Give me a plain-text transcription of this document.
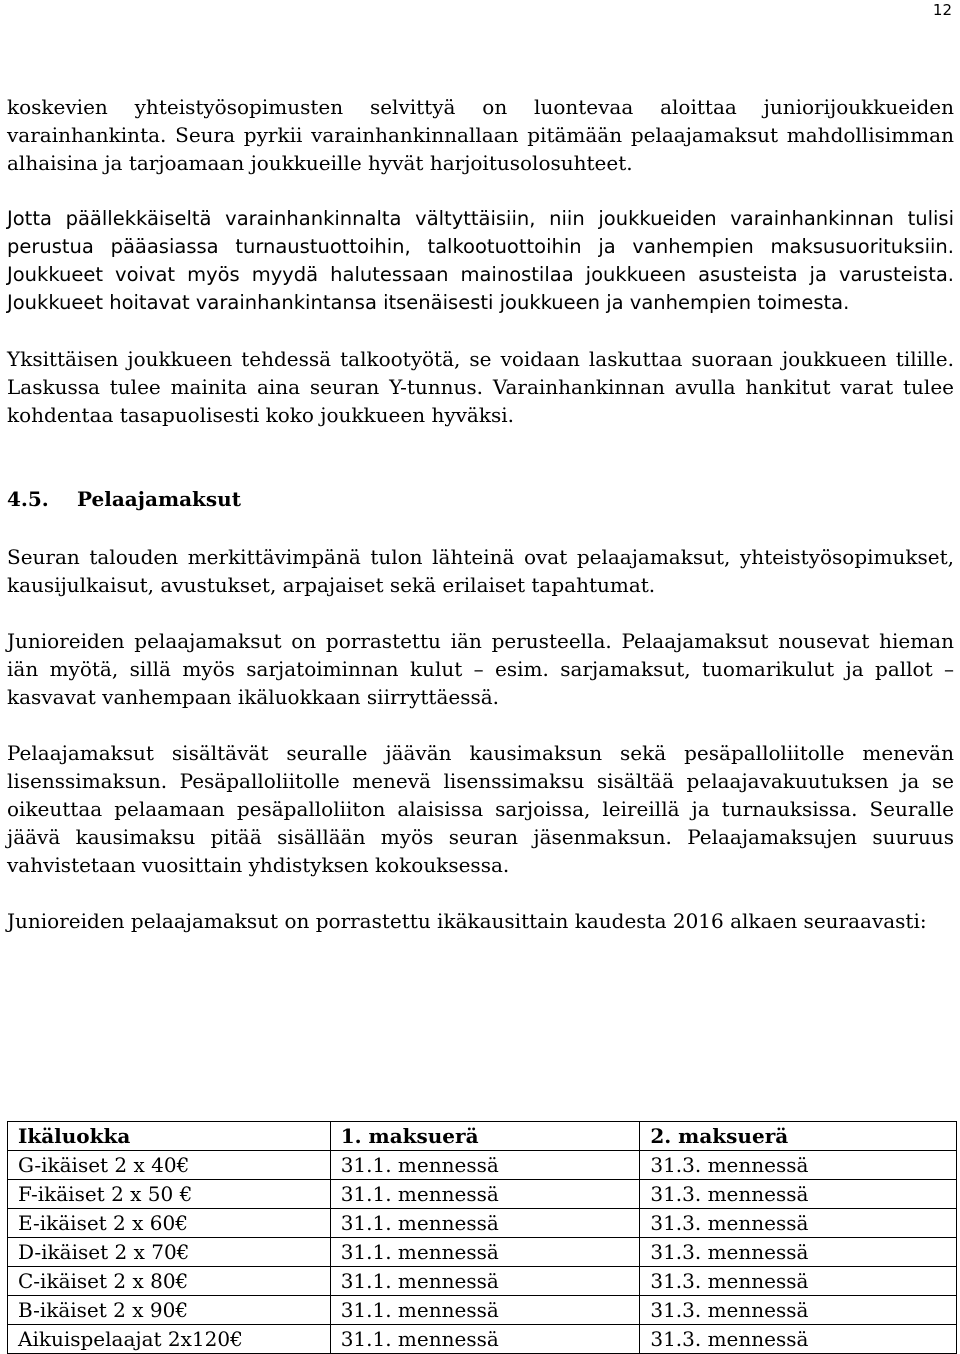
12

koskevien yhteistyösopimusten selvittyä on luontevaa aloittaa juniorijoukkueiden varainhankinta. Seura pyrkii varainhankinnallaan pitämään pelaajamaksut mahdollisimman alhaisina ja tarjoamaan joukkueille hyvät harjoitusolosuhteet.

Jotta päällekkäiseltä varainhankinnalta vältyttäisiin, niin joukkueiden varainhankinnan tulisi perustua pääasiassa turnaustuottoihin, talkootuottoihin ja vanhempien maksusuorituksiin. Joukkueet voivat myös myydä halutessaan mainostilaa joukkueen asusteista ja varusteista. Joukkueet hoitavat varainhankintansa itsenäisesti joukkueen ja vanhempien toimesta.

Yksittäisen joukkueen tehdessä talkootyötä, se voidaan laskuttaa suoraan joukkueen tilille. Laskussa tulee mainita aina seuran Y-tunnus. Varainhankinnan avulla hankitut varat tulee kohdentaa tasapuolisesti koko joukkueen hyväksi.

4.5. Pelaajamaksut

Seuran talouden merkittävimpänä tulon lähteinä ovat pelaajamaksut, yhteistyösopimukset, kausijulkaisut, avustukset, arpajaiset sekä erilaiset tapahtumat.

Junioreiden pelaajamaksut on porrastettu iän perusteella. Pelaajamaksut nousevat hieman iän myötä, sillä myös sarjatoiminnan kulut – esim. sarjamaksut, tuomarikulut ja pallot – kasvavat vanhempaan ikäluokkaan siirryttäessä.

Pelaajamaksut sisältävät seuralle jäävän kausimaksun sekä pesäpalloliitolle menevän lisenssimaksun. Pesäpalloliitolle menevä lisenssimaksu sisältää pelaajavakuutuksen ja se oikeuttaa pelaamaan pesäpalloliiton alaisissa sarjoissa, leireillä ja turnauksissa. Seuralle jäävä kausimaksu pitää sisällään myös seuran jäsenmaksun. Pelaajamaksujen suuruus vahvistetaan vuosittain yhdistyksen kokouksessa.

Junioreiden pelaajamaksut on porrastettu ikäkausittain kaudesta 2016 alkaen seuraavasti:

Ikäluokka	1. maksuerä	2. maksuerä
G-ikäiset 2 x 40€	31.1. mennessä	31.3. mennessä
F-ikäiset 2 x 50 €	31.1. mennessä	31.3. mennessä
E-ikäiset 2 x 60€	31.1. mennessä	31.3. mennessä
D-ikäiset 2 x 70€	31.1. mennessä	31.3. mennessä
C-ikäiset 2 x 80€	31.1. mennessä	31.3. mennessä
B-ikäiset 2 x 90€	31.1. mennessä	31.3. mennessä
Aikuispelaajat 2x120€	31.1. mennessä	31.3. mennessä
